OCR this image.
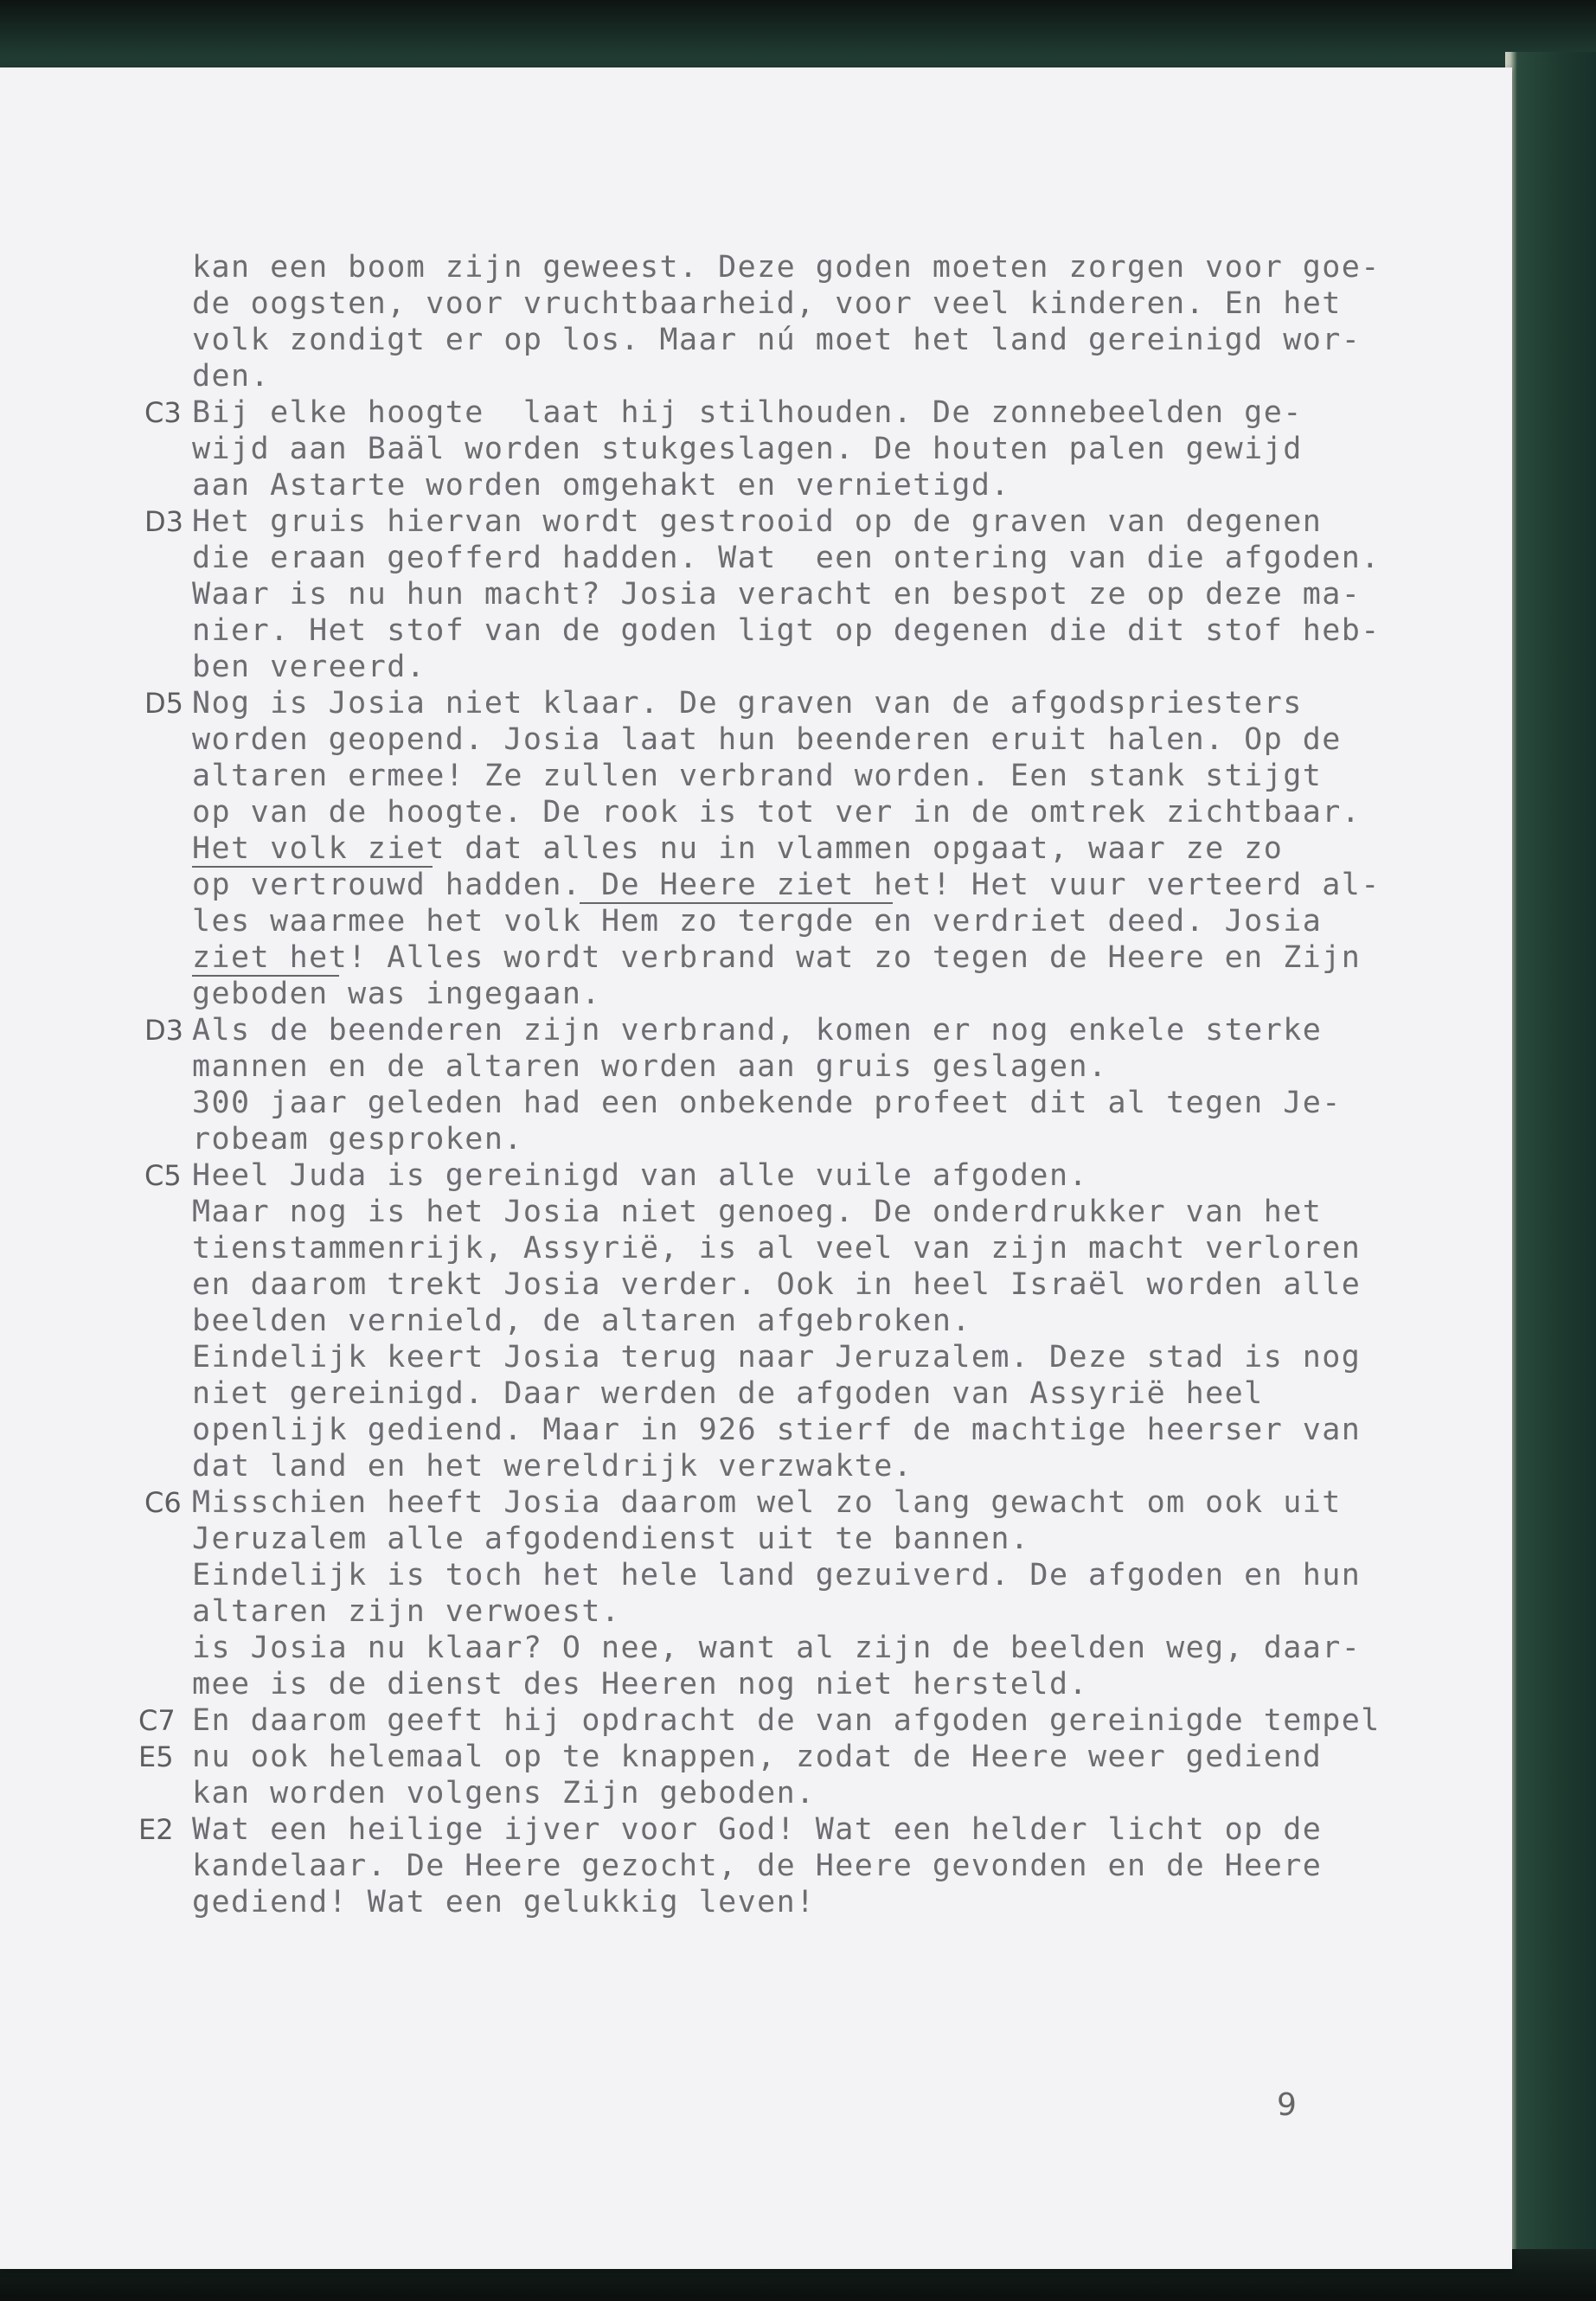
kan een boom zijn geweest. Deze goden moeten zorgen voor goe-
de oogsten, voor vruchtbaarheid, voor veel kinderen. En het
volk zondigt er op los. Maar nú moet het land gereinigd wor-
den.
C3 Bij elke hoogte  laat hij stilhouden. De zonnebeelden ge-
wijd aan Baäl worden stukgeslagen. De houten palen gewijd
aan Astarte worden omgehakt en vernietigd.
D3 Het gruis hiervan wordt gestrooid op de graven van degenen
die eraan geofferd hadden. Wat  een ontering van die afgoden.
Waar is nu hun macht? Josia veracht en bespot ze op deze ma-
nier. Het stof van de goden ligt op degenen die dit stof heb-
ben vereerd.
D5 Nog is Josia niet klaar. De graven van de afgodspriesters
worden geopend. Josia laat hun beenderen eruit halen. Op de
altaren ermee! Ze zullen verbrand worden. Een stank stijgt
op van de hoogte. De rook is tot ver in de omtrek zichtbaar.
Het volk ziet dat alles nu in vlammen opgaat, waar ze zo
op vertrouwd hadden. De Heere ziet het! Het vuur verteerd al-
les waarmee het volk Hem zo tergde en verdriet deed. Josia
ziet het! Alles wordt verbrand wat zo tegen de Heere en Zijn
geboden was ingegaan.
D3 Als de beenderen zijn verbrand, komen er nog enkele sterke
mannen en de altaren worden aan gruis geslagen.
300 jaar geleden had een onbekende profeet dit al tegen Je-
robeam gesproken.
C5 Heel Juda is gereinigd van alle vuile afgoden.
Maar nog is het Josia niet genoeg. De onderdrukker van het
tienstammenrijk, Assyrië, is al veel van zijn macht verloren
en daarom trekt Josia verder. Ook in heel Israël worden alle
beelden vernield, de altaren afgebroken.
Eindelijk keert Josia terug naar Jeruzalem. Deze stad is nog
niet gereinigd. Daar werden de afgoden van Assyrië heel
openlijk gediend. Maar in 926 stierf de machtige heerser van
dat land en het wereldrijk verzwakte.
C6 Misschien heeft Josia daarom wel zo lang gewacht om ook uit
Jeruzalem alle afgodendienst uit te bannen.
Eindelijk is toch het hele land gezuiverd. De afgoden en hun
altaren zijn verwoest.
is Josia nu klaar? O nee, want al zijn de beelden weg, daar-
mee is de dienst des Heeren nog niet hersteld.
C7 En daarom geeft hij opdracht de van afgoden gereinigde tempel
E5 nu ook helemaal op te knappen, zodat de Heere weer gediend
kan worden volgens Zijn geboden.
E2 Wat een heilige ijver voor God! Wat een helder licht op de
kandelaar. De Heere gezocht, de Heere gevonden en de Heere
gediend! Wat een gelukkig leven!
9
